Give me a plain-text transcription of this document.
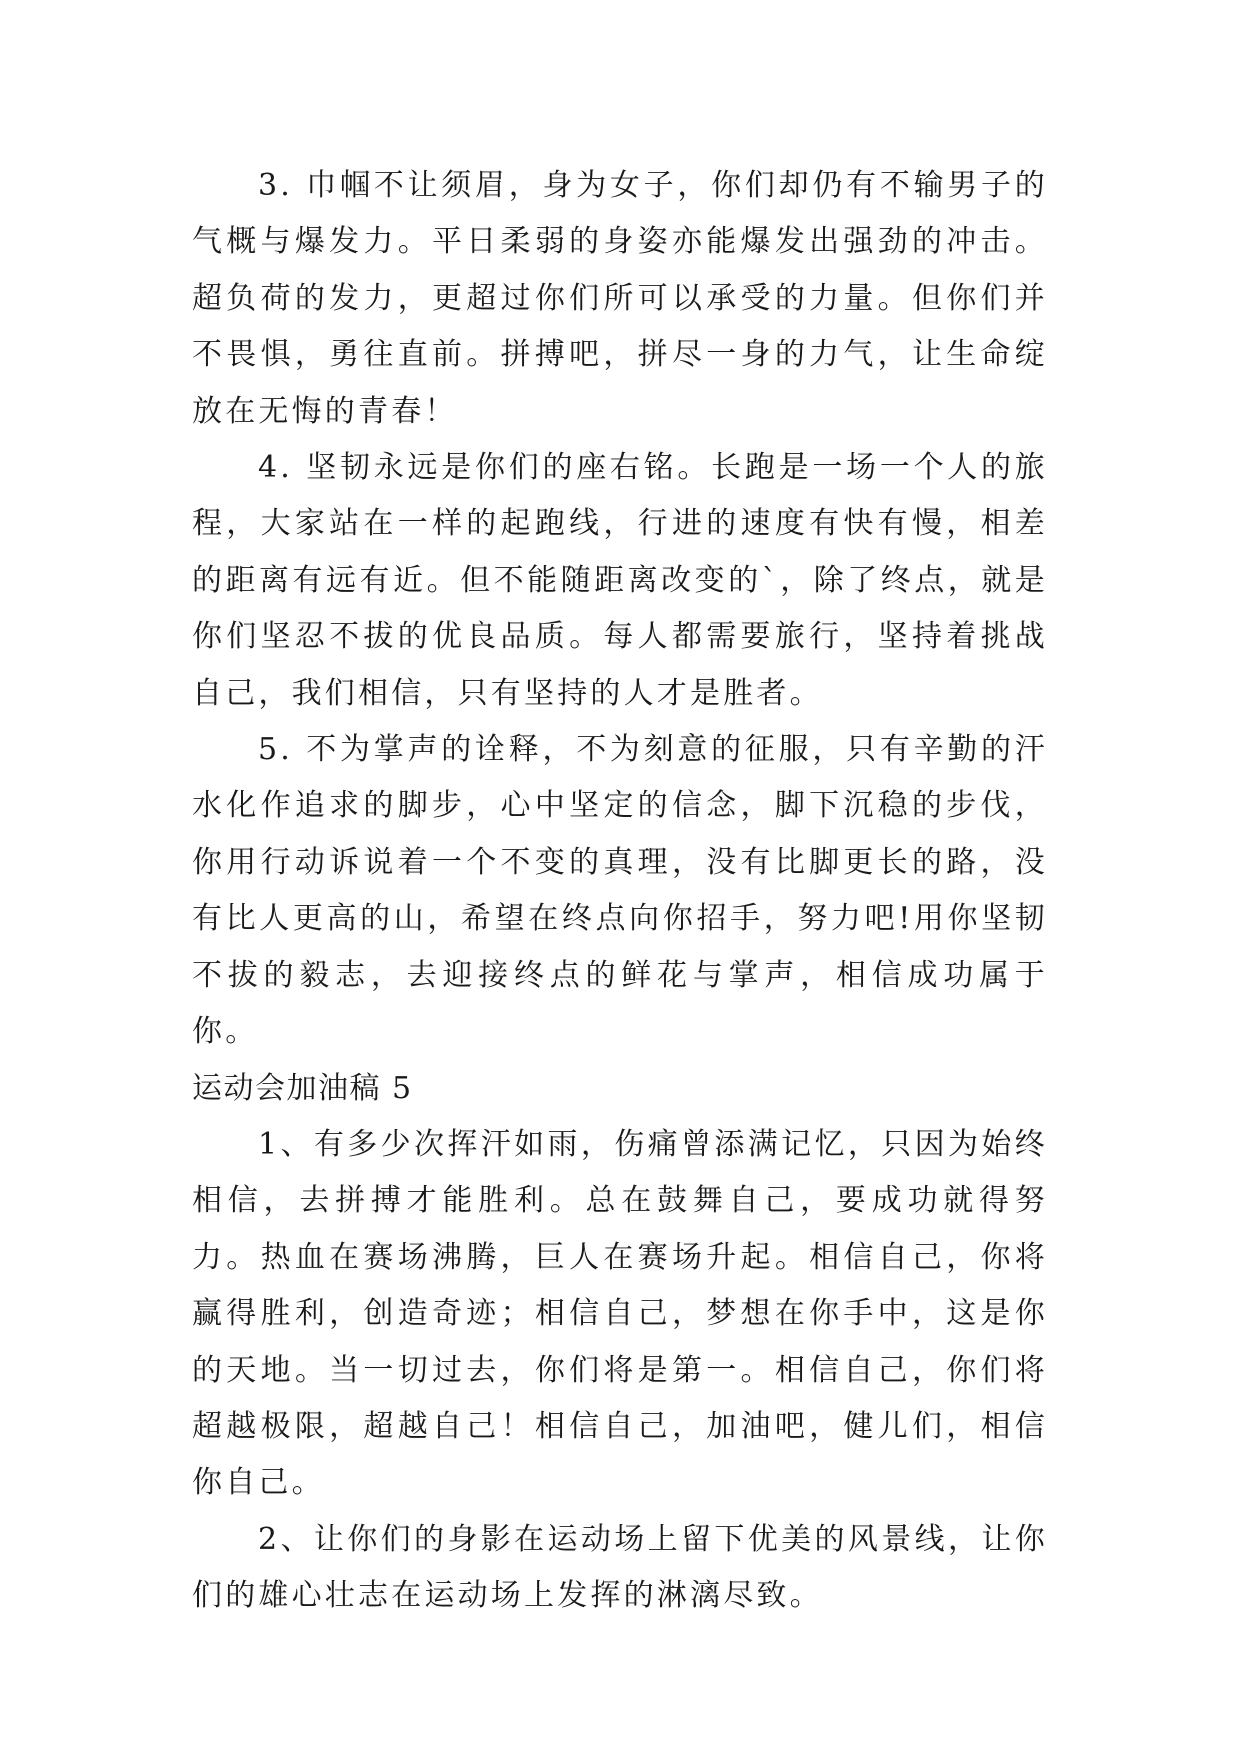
3. 巾帼不让须眉，身为女子，你们却仍有不输男子的气概与爆发力。平日柔弱的身姿亦能爆发出强劲的冲击。超负荷的发力，更超过你们所可以承受的力量。但你们并不畏惧，勇往直前。拼搏吧，拼尽一身的力气，让生命绽放在无悔的青春！

4. 坚韧永远是你们的座右铭。长跑是一场一个人的旅程，大家站在一样的起跑线，行进的速度有快有慢，相差的距离有远有近。但不能随距离改变的`，除了终点，就是你们坚忍不拔的优良品质。每人都需要旅行，坚持着挑战自己，我们相信，只有坚持的人才是胜者。

5. 不为掌声的诠释，不为刻意的征服，只有辛勤的汗水化作追求的脚步，心中坚定的信念，脚下沉稳的步伐，你用行动诉说着一个不变的真理，没有比脚更长的路，没有比人更高的山，希望在终点向你招手，努力吧!用你坚韧不拔的毅志，去迎接终点的鲜花与掌声，相信成功属于你。

运动会加油稿 5

1、有多少次挥汗如雨，伤痛曾添满记忆，只因为始终相信，去拼搏才能胜利。总在鼓舞自己，要成功就得努力。热血在赛场沸腾，巨人在赛场升起。相信自己，你将赢得胜利，创造奇迹；相信自己，梦想在你手中，这是你的天地。当一切过去，你们将是第一。相信自己，你们将超越极限，超越自己！相信自己，加油吧，健儿们，相信你自己。

2、让你们的身影在运动场上留下优美的风景线，让你们的雄心壮志在运动场上发挥的淋漓尽致。
